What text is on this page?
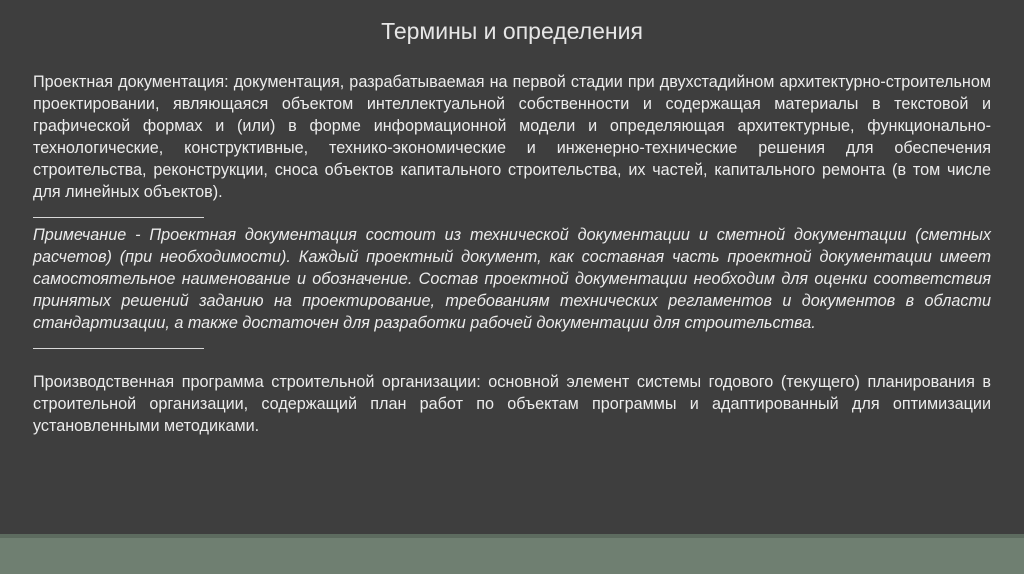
Термины и определения

Проектная документация: документация, разрабатываемая на первой стадии при двухстадийном архитектурно-строительном проектировании, являющаяся объектом интеллектуальной собственности и содержащая материалы в текстовой и графической формах и (или) в форме информационной модели и определяющая архитектурные, функционально-технологические, конструктивные, технико-экономические и инженерно-технические решения для обеспечения строительства, реконструкции, сноса объектов капитального строительства, их частей, капитального ремонта (в том числе для линейных объектов).

Примечание - Проектная документация состоит из технической документации и сметной документации (сметных расчетов) (при необходимости). Каждый проектный документ, как составная часть проектной документации имеет самостоятельное наименование и обозначение. Состав проектной документации необходим для оценки соответствия принятых решений заданию на проектирование, требованиям технических регламентов и документов в области стандартизации, а также достаточен для разработки рабочей документации для строительства.

Производственная программа строительной организации: основной элемент системы годового (текущего) планирования в строительной организации, содержащий план работ по объектам программы и адаптированный для оптимизации установленными методиками.
